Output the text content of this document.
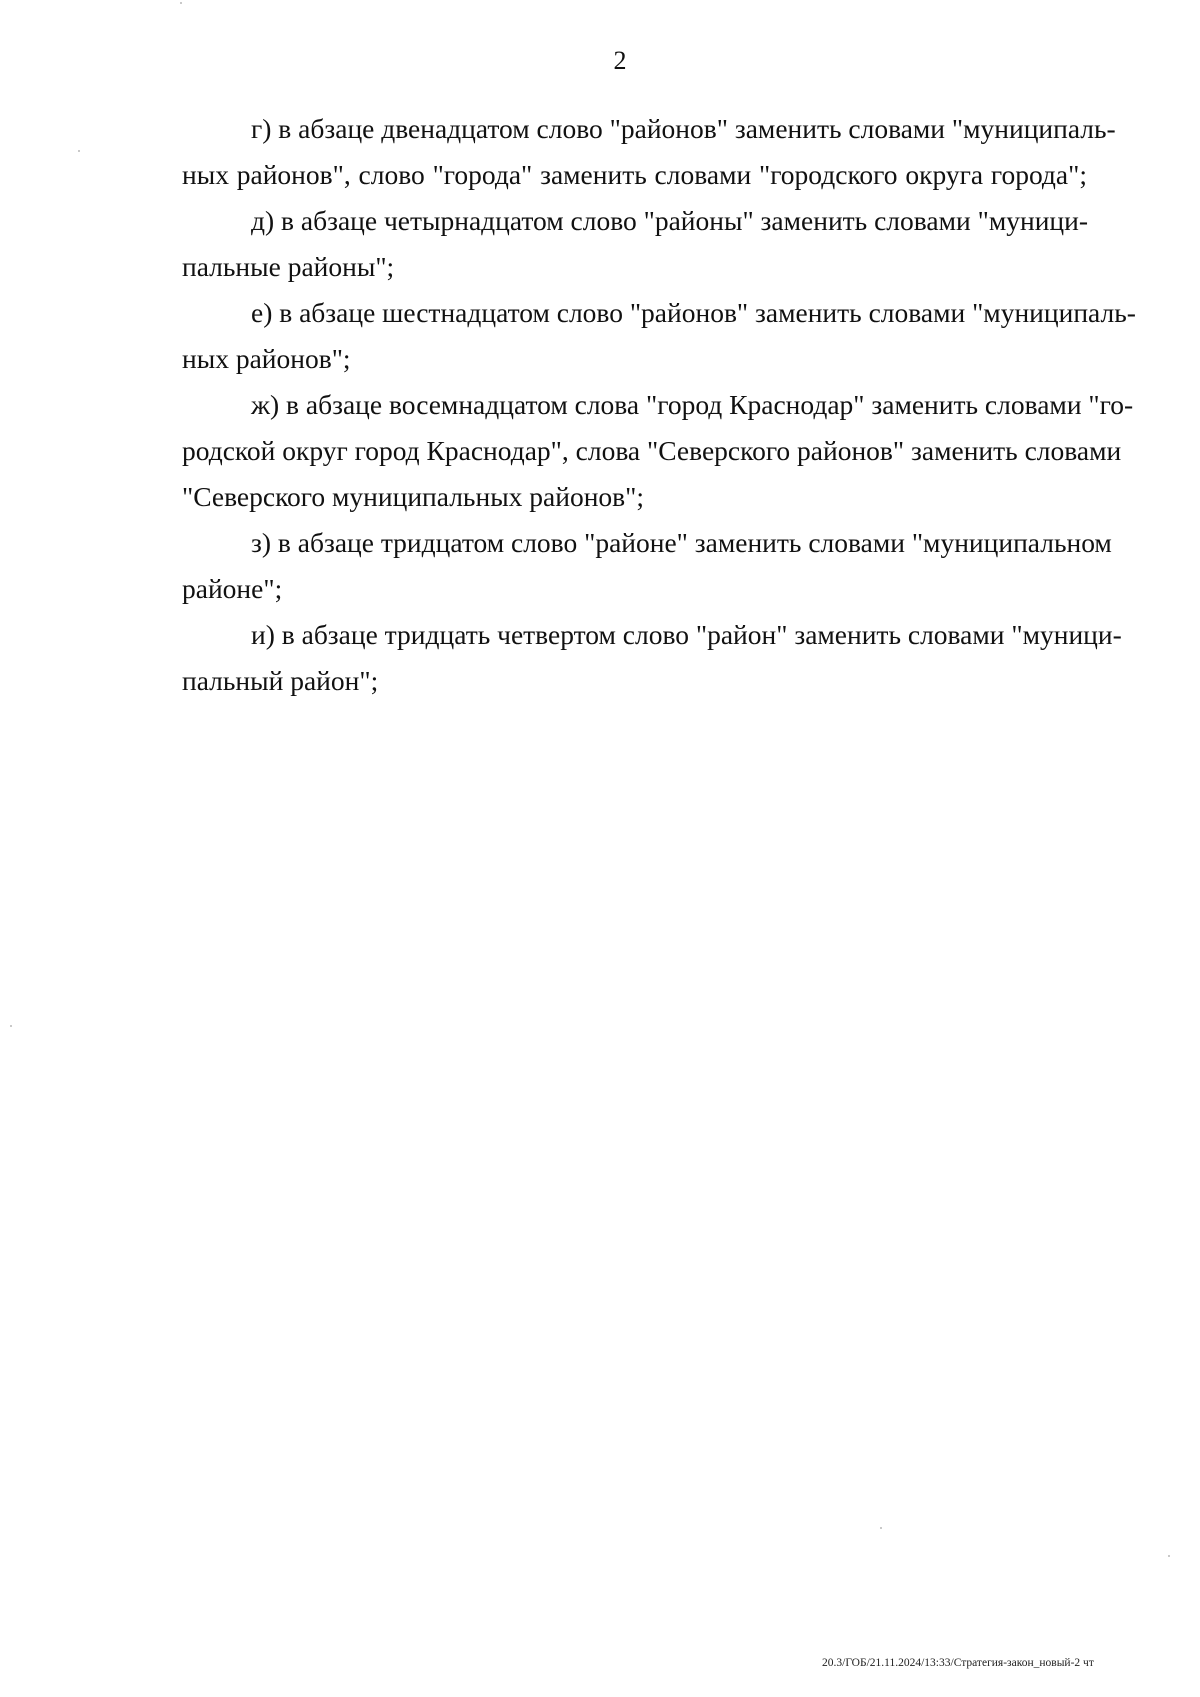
2

г) в абзаце двенадцатом слово "районов" заменить словами "муниципаль-
ных районов", слово "города" заменить словами "городского округа города";

д) в абзаце четырнадцатом слово "районы" заменить словами "муници-
пальные районы";

е) в абзаце шестнадцатом слово "районов" заменить словами "муниципаль-
ных районов";

ж) в абзаце восемнадцатом слова "город Краснодар" заменить словами "го-
родской округ город Краснодар", слова "Северского районов" заменить словами
"Северского муниципальных районов";

з) в абзаце тридцатом слово "районе" заменить словами "муниципальном
районе";

и) в абзаце тридцать четвертом слово "район" заменить словами "муници-
пальный район";

20.3/ГОБ/21.11.2024/13:33/Стратегия-закон_новый-2 чт
